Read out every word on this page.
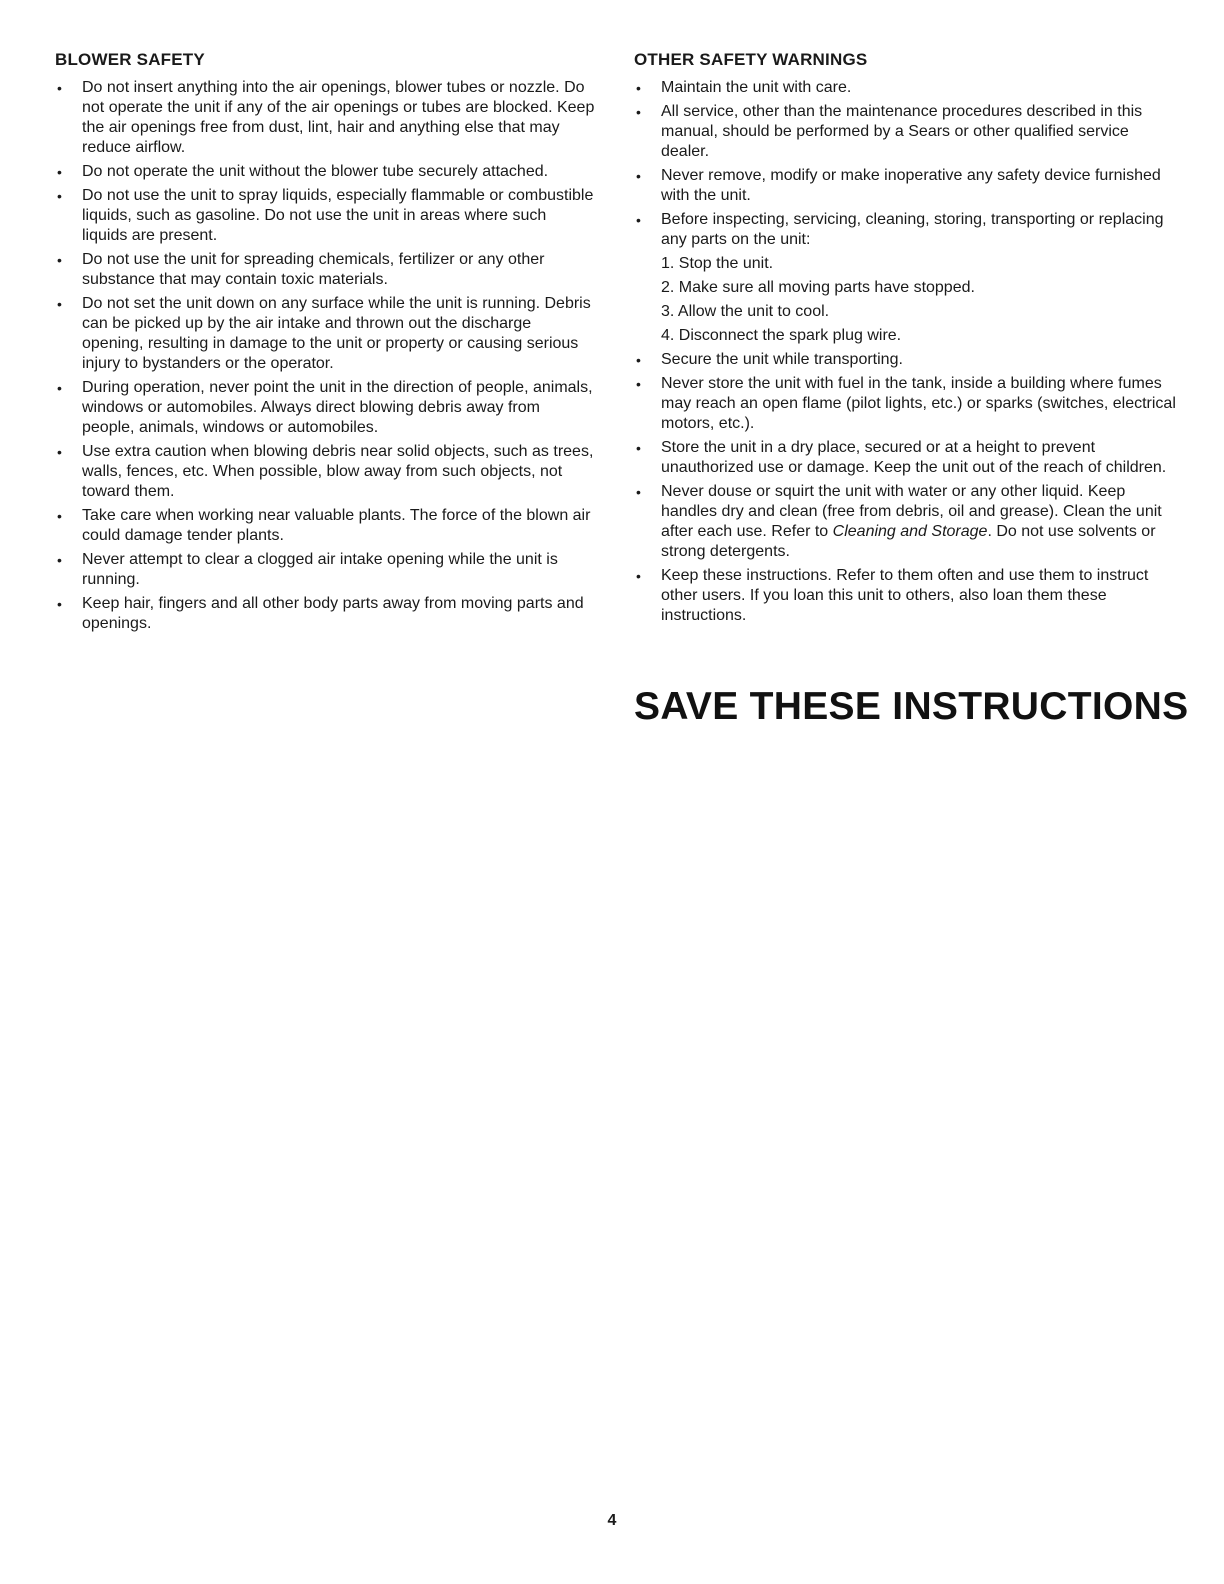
BLOWER SAFETY
• Do not insert anything into the air openings, blower tubes or nozzle. Do not operate the unit if any of the air openings or tubes are blocked. Keep the air openings free from dust, lint, hair and anything else that may reduce airflow.
• Do not operate the unit without the blower tube securely attached.
• Do not use the unit to spray liquids, especially flammable or combustible liquids, such as gasoline. Do not use the unit in areas where such liquids are present.
• Do not use the unit for spreading chemicals, fertilizer or any other substance that may contain toxic materials.
• Do not set the unit down on any surface while the unit is running. Debris can be picked up by the air intake and thrown out the discharge opening, resulting in damage to the unit or property or causing serious injury to bystanders or the operator.
• During operation, never point the unit in the direction of people, animals, windows or automobiles. Always direct blowing debris away from people, animals, windows or automobiles.
• Use extra caution when blowing debris near solid objects, such as trees, walls, fences, etc. When possible, blow away from such objects, not toward them.
• Take care when working near valuable plants. The force of the blown air could damage tender plants.
• Never attempt to clear a clogged air intake opening while the unit is running.
• Keep hair, fingers and all other body parts away from moving parts and openings.
OTHER SAFETY WARNINGS
• Maintain the unit with care.
• All service, other than the maintenance procedures described in this manual, should be performed by a Sears or other qualified service dealer.
• Never remove, modify or make inoperative any safety device furnished with the unit.
• Before inspecting, servicing, cleaning, storing, transporting or replacing any parts on the unit:
1. Stop the unit.
2. Make sure all moving parts have stopped.
3. Allow the unit to cool.
4. Disconnect the spark plug wire.
• Secure the unit while transporting.
• Never store the unit with fuel in the tank, inside a building where fumes may reach an open flame (pilot lights, etc.) or sparks (switches, electrical motors, etc.).
• Store the unit in a dry place, secured or at a height to prevent unauthorized use or damage. Keep the unit out of the reach of children.
• Never douse or squirt the unit with water or any other liquid. Keep handles dry and clean (free from debris, oil and grease). Clean the unit after each use. Refer to Cleaning and Storage. Do not use solvents or strong detergents.
• Keep these instructions. Refer to them often and use them to instruct other users. If you loan this unit to others, also loan them these instructions.
SAVE THESE INSTRUCTIONS
4
